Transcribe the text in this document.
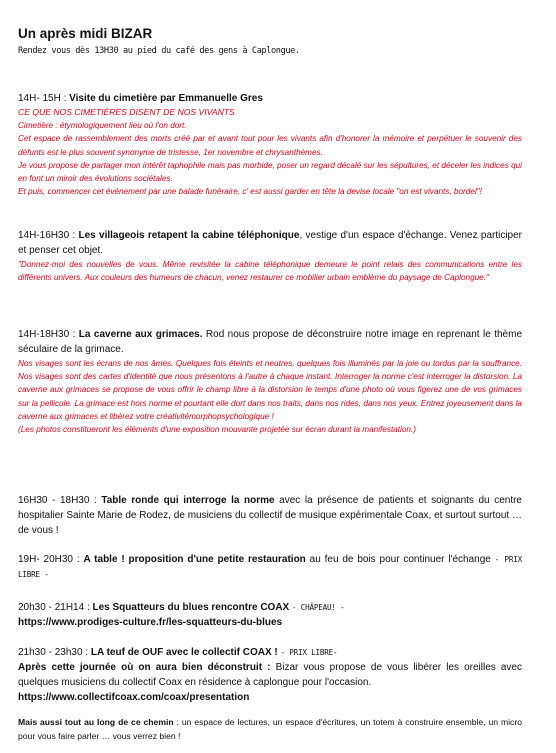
Un après midi BIZAR
Rendez vous dès 13H30 au pied du café des gens à Caplongue.
14H- 15H : Visite du cimetière par Emmanuelle Gres
CE QUE NOS CIMETIÈRES DISENT DE NOS VIVANTS
Cimetière : étymologiquement lieu où l'on dort.
Cet espace de rassemblement des morts créé par et avant tout pour les vivants afin d'honorer la mémoire et perpétuer le souvenir des défunts est le plus souvent synonyme de tristesse, 1er novembre et chrysanthèmes.
Je vous propose de partager mon intérêt taphophile mais pas morbide, poser un regard décalé sur les sépultures, et déceler les indices qui en font un miroir des évolutions sociétales.
Et puis, commencer cet événement par une balade funéraire, c' est aussi garder en tête la devise locale "on est vivants, bordel"!
14H-16H30 : Les villageois retapent la cabine téléphonique, vestige d'un espace d'échange. Venez participer et penser cet objet.
"Donnez-moi des nouvelles de vous. Même revisitée la cabine téléphonique demeure le point relais des communications entre les différents univers. Aux couleurs des humeurs de chacun, venez restaurer ce mobilier urbain emblème du paysage de Caplongue."
14H-18H30 : La caverne aux grimaces. Rod nous propose de déconstruire notre image en reprenant le thème séculaire de la grimace.
Nos visages sont les écrans de nos âmes. Quelques fois éteints et neutres, quelques fois illuminés par la joie ou tordus par la souffrance. Nos visages sont des cartes d'identité que nous présentons à l'autre à chaque instant. Interroger la norme c'est interroger la distorsion. La caverne aux grimaces se propose de vous offrir le champ libre à la distorsion le temps d'une photo où vous figerez une de vos grimaces sur la pellicule. La grimace est hors norme et pourtant elle dort dans nos traits, dans nos rides, dans nos yeux. Entrez joyeusement dans la caverne aux grimaces et libérez votre créativitémorphopsychologique !
(Les photos constitueront les éléments d'une exposition mouvante projetée sur écran durant la manifestation.)
16H30 - 18H30 : Table ronde qui interroge la norme avec la présence de patients et soignants du centre hospitalier Sainte Marie de Rodez, de musiciens du collectif de musique expérimentale Coax, et surtout surtout … de vous !
19H- 20H30 : A table ! proposition d'une petite restauration au feu de bois pour continuer l'échange - PRIX LIBRE -
20h30 - 21H14 : Les Squatteurs du blues rencontre COAX - CHÂPEAU! -
https://www.prodiges-culture.fr/les-squatteurs-du-blues
21h30 - 23h30 : LA teuf de OUF avec le collectif COAX ! - PRIX LIBRE-
Après cette journée où on aura bien déconstruit : Bizar vous propose de vous libérer les oreilles avec quelques musiciens du collectif Coax en résidence à caplongue pour l'occasion.
https://www.collectifcoax.com/coax/presentation
Mais aussi tout au long de ce chemin : un espace de lectures, un espace d'écritures, un totem à construire ensemble, un micro pour vous faire parler … vous verrez bien !
